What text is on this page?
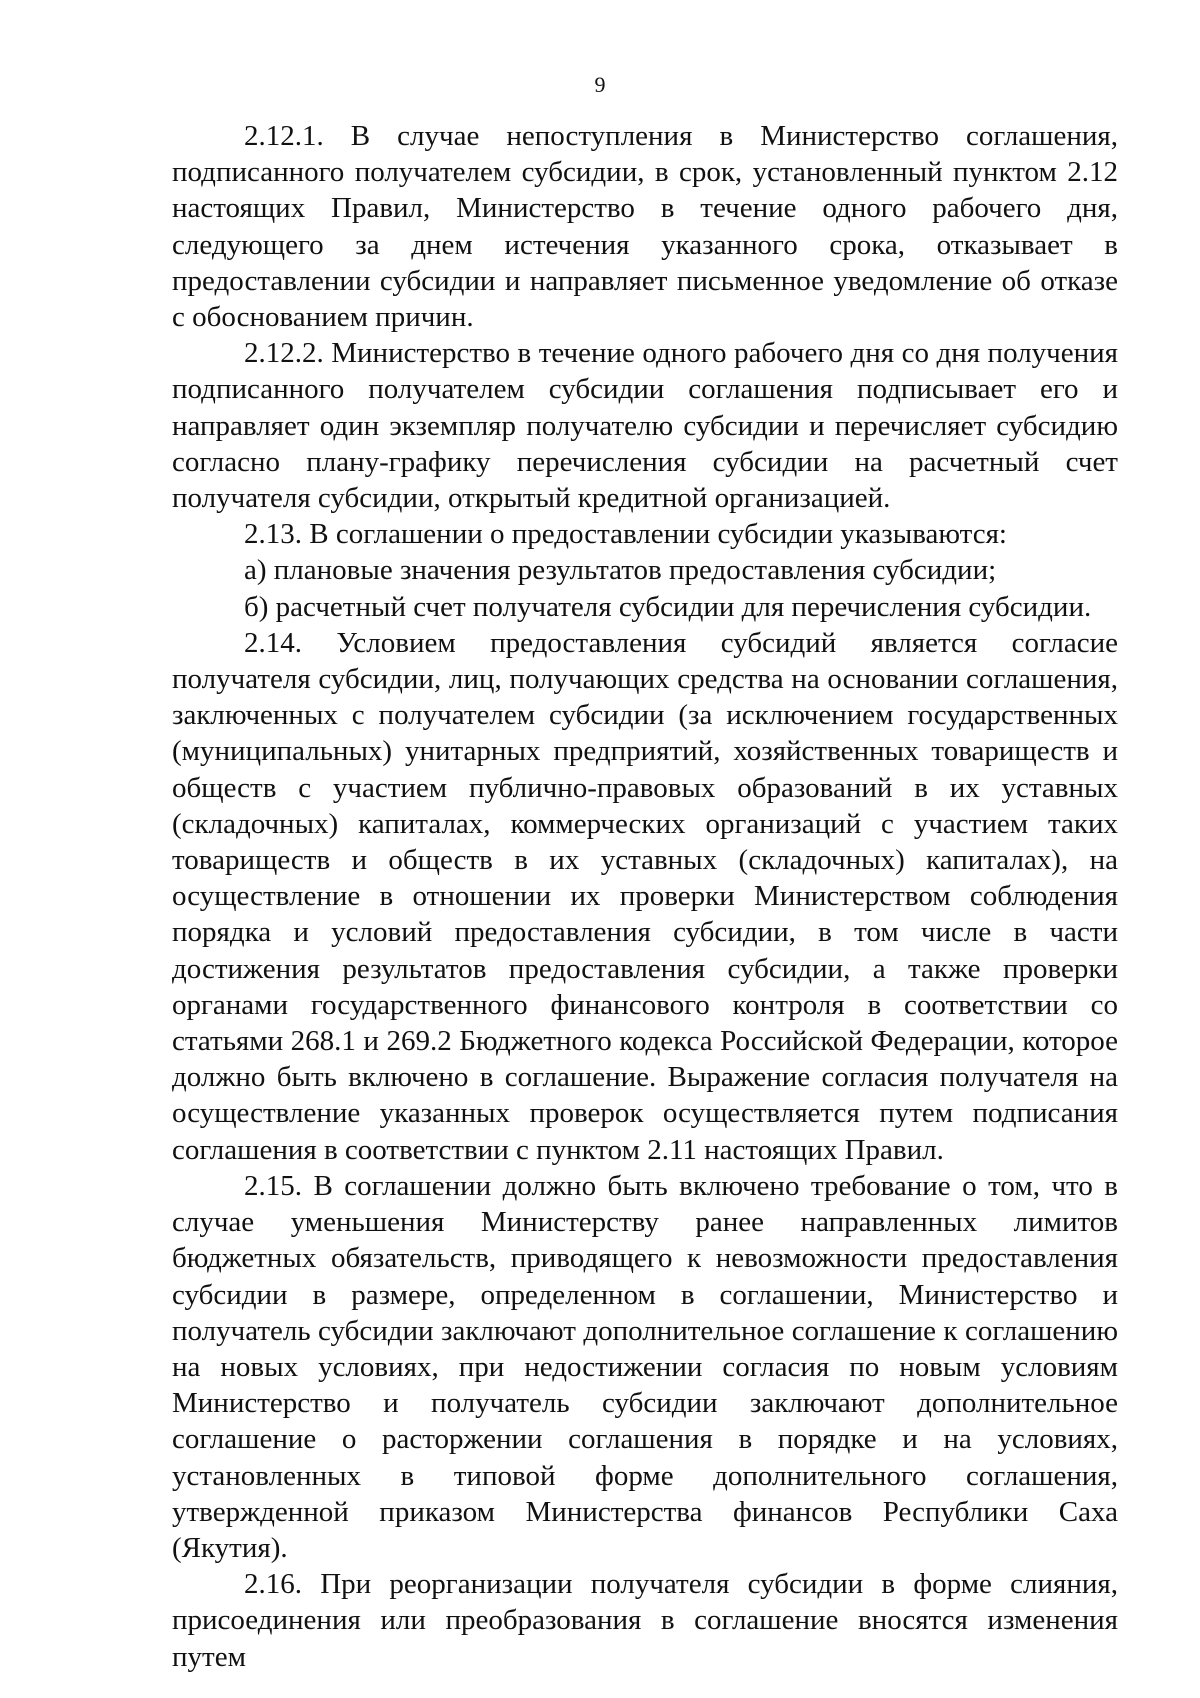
9

2.12.1. В случае непоступления в Министерство соглашения, подписанного получателем субсидии, в срок, установленный пунктом 2.12 настоящих Правил, Министерство в течение одного рабочего дня, следующего за днем истечения указанного срока, отказывает в предоставлении субсидии и направляет письменное уведомление об отказе с обоснованием причин.

2.12.2. Министерство в течение одного рабочего дня со дня получения подписанного получателем субсидии соглашения подписывает его и направляет один экземпляр получателю субсидии и перечисляет субсидию согласно плану-графику перечисления субсидии на расчетный счет получателя субсидии, открытый кредитной организацией.

2.13. В соглашении о предоставлении субсидии указываются:

а) плановые значения результатов предоставления субсидии;

б) расчетный счет получателя субсидии для перечисления субсидии.

2.14. Условием предоставления субсидий является согласие получателя субсидии, лиц, получающих средства на основании соглашения, заключенных с получателем субсидии (за исключением государственных (муниципальных) унитарных предприятий, хозяйственных товариществ и обществ с участием публично-правовых образований в их уставных (складочных) капиталах, коммерческих организаций с участием таких товариществ и обществ в их уставных (складочных) капиталах), на осуществление в отношении их проверки Министерством соблюдения порядка и условий предоставления субсидии, в том числе в части достижения результатов предоставления субсидии, а также проверки органами государственного финансового контроля в соответствии со статьями 268.1 и 269.2 Бюджетного кодекса Российской Федерации, которое должно быть включено в соглашение. Выражение согласия получателя на осуществление указанных проверок осуществляется путем подписания соглашения в соответствии с пунктом 2.11 настоящих Правил.

2.15. В соглашении должно быть включено требование о том, что в случае уменьшения Министерству ранее направленных лимитов бюджетных обязательств, приводящего к невозможности предоставления субсидии в размере, определенном в соглашении, Министерство и получатель субсидии заключают дополнительное соглашение к соглашению на новых условиях, при недостижении согласия по новым условиям Министерство и получатель субсидии заключают дополнительное соглашение о расторжении соглашения в порядке и на условиях, установленных в типовой форме дополнительного соглашения, утвержденной приказом Министерства финансов Республики Саха (Якутия).

2.16. При реорганизации получателя субсидии в форме слияния, присоединения или преобразования в соглашение вносятся изменения путем
